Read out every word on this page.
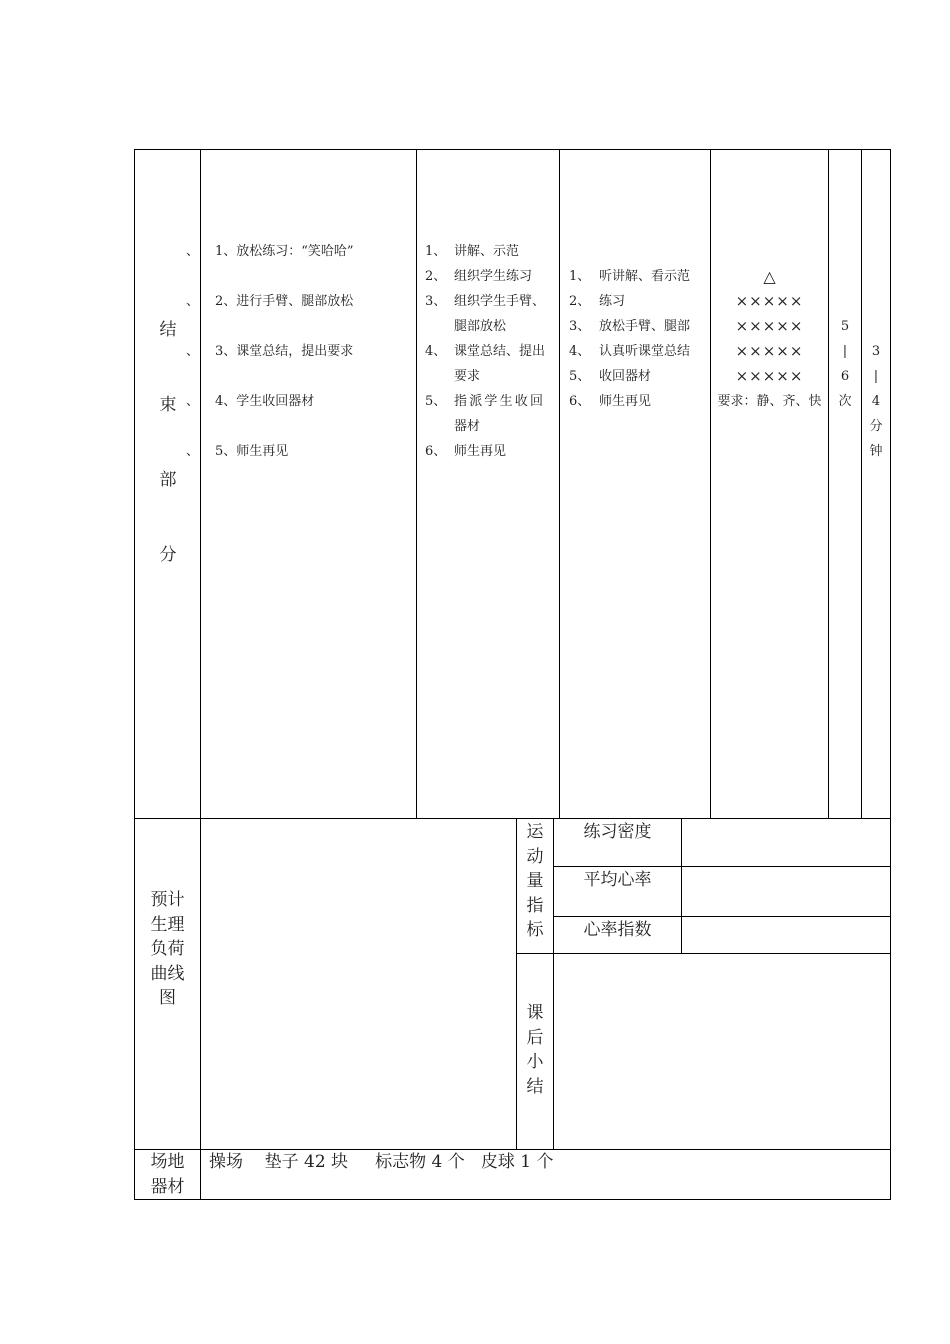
结
束
部
分
、
、
、
、
、
1、放松练习：“笑哈哈”
2、进行手臂、腿部放松
3、课堂总结，提出要求
4、学生收回器材
5、师生再见
1、 讲解、示范
2、 组织学生练习
3、 组织学生手臂、
腿部放松
4、 课堂总结、提出
要求
5、 指派学生收回
器材
6、 师生再见
1、 听讲解、看示范
2、 练习
3、 放松手臂、腿部
4、 认真听课堂总结
5、 收回器材
6、 师生再见
△
×××××
×××××
×××××
×××××
要求：静、齐、快
5
|
6
次
3
|
4
分
钟
预计
生理
负荷
曲线
图
运
动
量
指
标
练习密度
平均心率
心率指数
课
后
小
结
场地
器材
操场    垫子 42 块     标志物 4 个   皮球 1 个
